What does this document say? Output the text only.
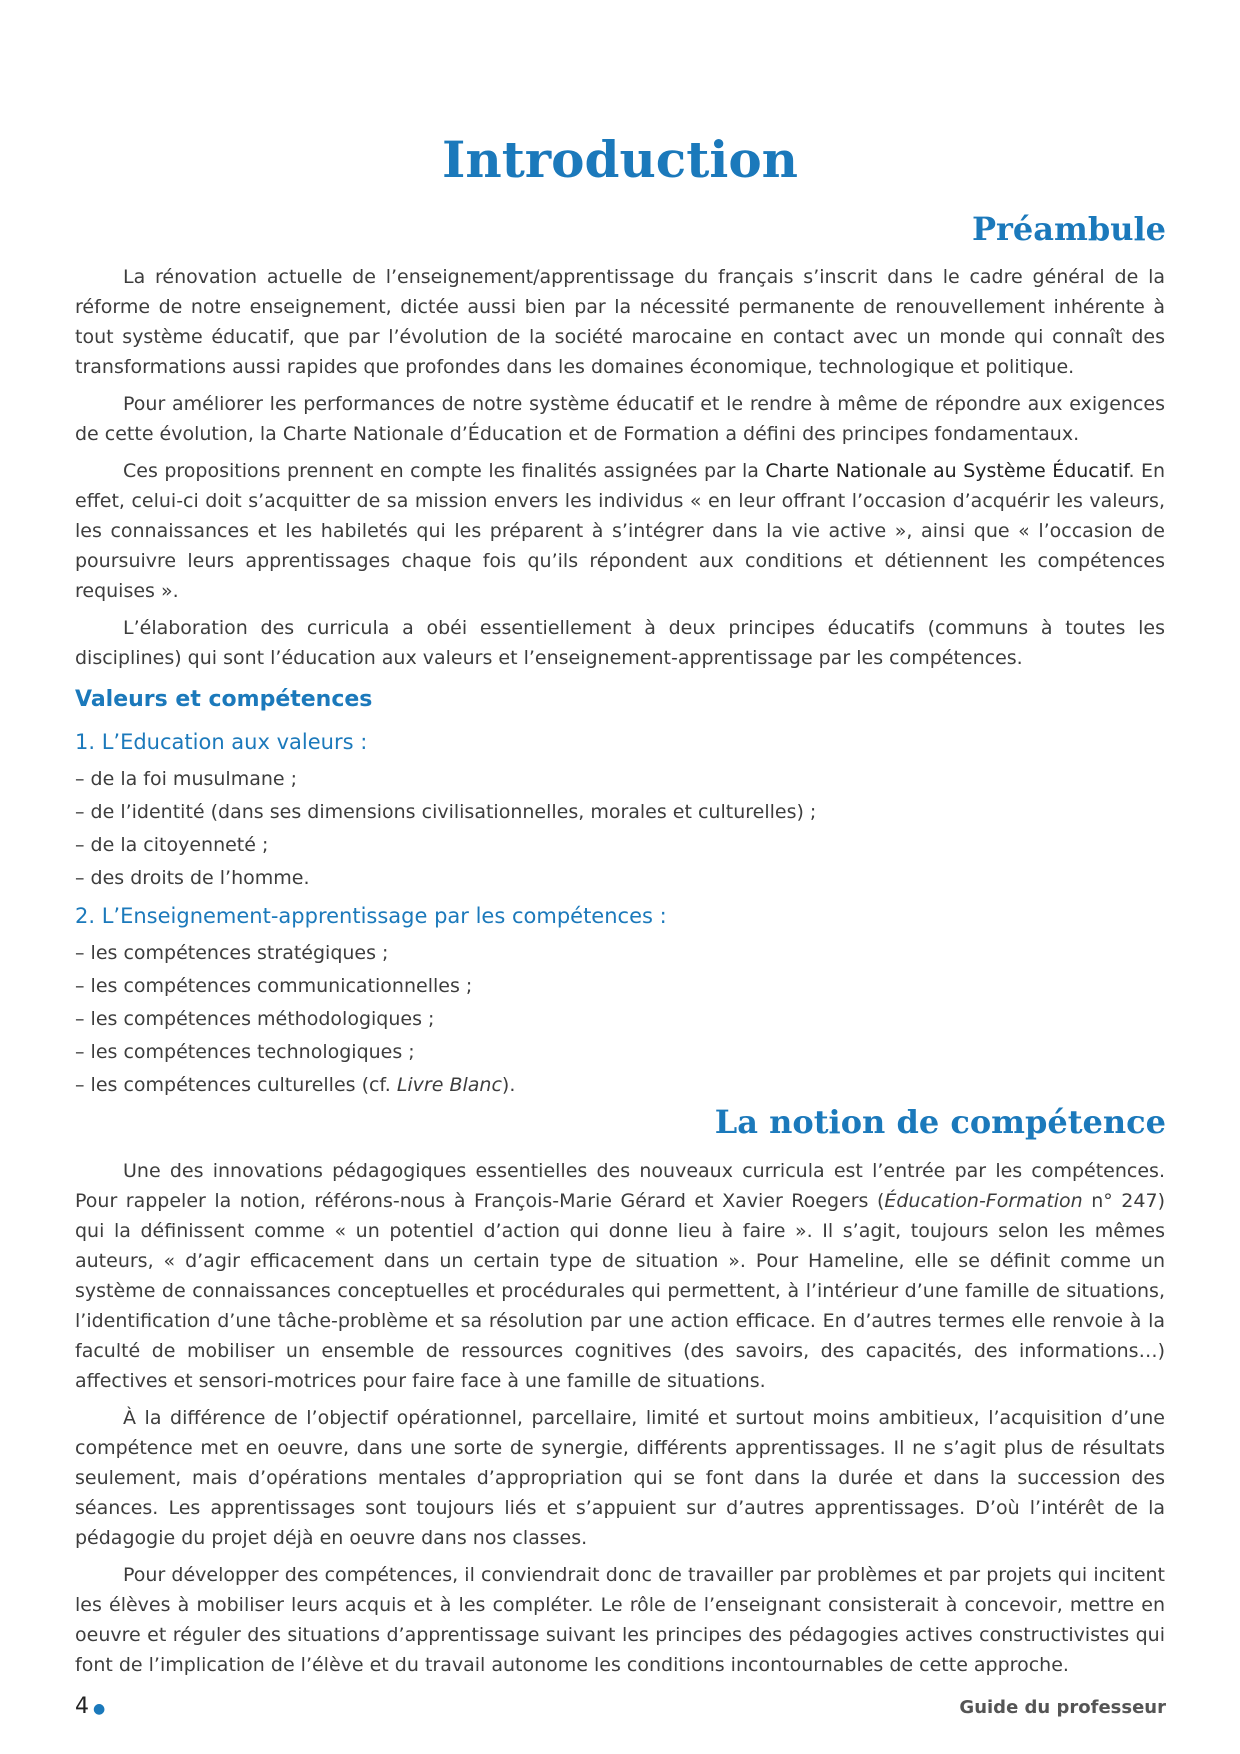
Introduction
Préambule

La rénovation actuelle de l’enseignement/apprentissage du français s’inscrit dans le cadre général de la réforme de notre enseignement, dictée aussi bien par la nécessité permanente de renouvellement inhérente à tout système éducatif, que par l’évolution de la société marocaine en contact avec un monde qui connaît des transformations aussi rapides que profondes dans les domaines économique, technologique et politique.

Pour améliorer les performances de notre système éducatif et le rendre à même de répondre aux exigences de cette évolution, la Charte Nationale d’Éducation et de Formation a défini des principes fondamentaux.

Ces propositions prennent en compte les finalités assignées par la Charte Nationale au Système Éducatif. En effet, celui-ci doit s’acquitter de sa mission envers les individus « en leur offrant l’occasion d’acquérir les valeurs, les connaissances et les habiletés qui les préparent à s’intégrer dans la vie active », ainsi que « l’occasion de poursuivre leurs apprentissages chaque fois qu’ils répondent aux conditions et détiennent les compétences requises ».

L’élaboration des curricula a obéi essentiellement à deux principes éducatifs (communs à toutes les disciplines) qui sont l’éducation aux valeurs et l’enseignement-apprentissage par les compétences.

Valeurs et compétences
1. L’Education aux valeurs :
– de la foi musulmane ;
– de l’identité (dans ses dimensions civilisationnelles, morales et culturelles) ;
– de la citoyenneté ;
– des droits de l’homme.
2. L’Enseignement-apprentissage par les compétences :
– les compétences stratégiques ;
– les compétences communicationnelles ;
– les compétences méthodologiques ;
– les compétences technologiques ;
– les compétences culturelles (cf. Livre Blanc).
La notion de compétence

Une des innovations pédagogiques essentielles des nouveaux curricula est l’entrée par les compétences. Pour rappeler la notion, référons-nous à François-Marie Gérard et Xavier Roegers (Éducation-Formation n° 247) qui la définissent comme « un potentiel d’action qui donne lieu à faire ». Il s’agit, toujours selon les mêmes auteurs, « d’agir efficacement dans un certain type de situation ». Pour Hameline, elle se définit comme un système de connaissances conceptuelles et procédurales qui permettent, à l’intérieur d’une famille de situations, l’identification d’une tâche-problème et sa résolution par une action efficace. En d’autres termes elle renvoie à la faculté de mobiliser un ensemble de ressources cognitives (des savoirs, des capacités, des informations…) affectives et sensori-motrices pour faire face à une famille de situations.

À la différence de l’objectif opérationnel, parcellaire, limité et surtout moins ambitieux, l’acquisition d’une compétence met en oeuvre, dans une sorte de synergie, différents apprentissages. Il ne s’agit plus de résultats seulement, mais d’opérations mentales d’appropriation qui se font dans la durée et dans la succession des séances. Les apprentissages sont toujours liés et s’appuient sur d’autres apprentissages. D’où l’intérêt de la pédagogie du projet déjà en oeuvre dans nos classes.

Pour développer des compétences, il conviendrait donc de travailler par problèmes et par projets qui incitent les élèves à mobiliser leurs acquis et à les compléter. Le rôle de l’enseignant consisterait à concevoir, mettre en oeuvre et réguler des situations d’apprentissage suivant les principes des pédagogies actives constructivistes qui font de l’implication de l’élève et du travail autonome les conditions incontournables de cette approche.

4 ●	Guide du professeur
